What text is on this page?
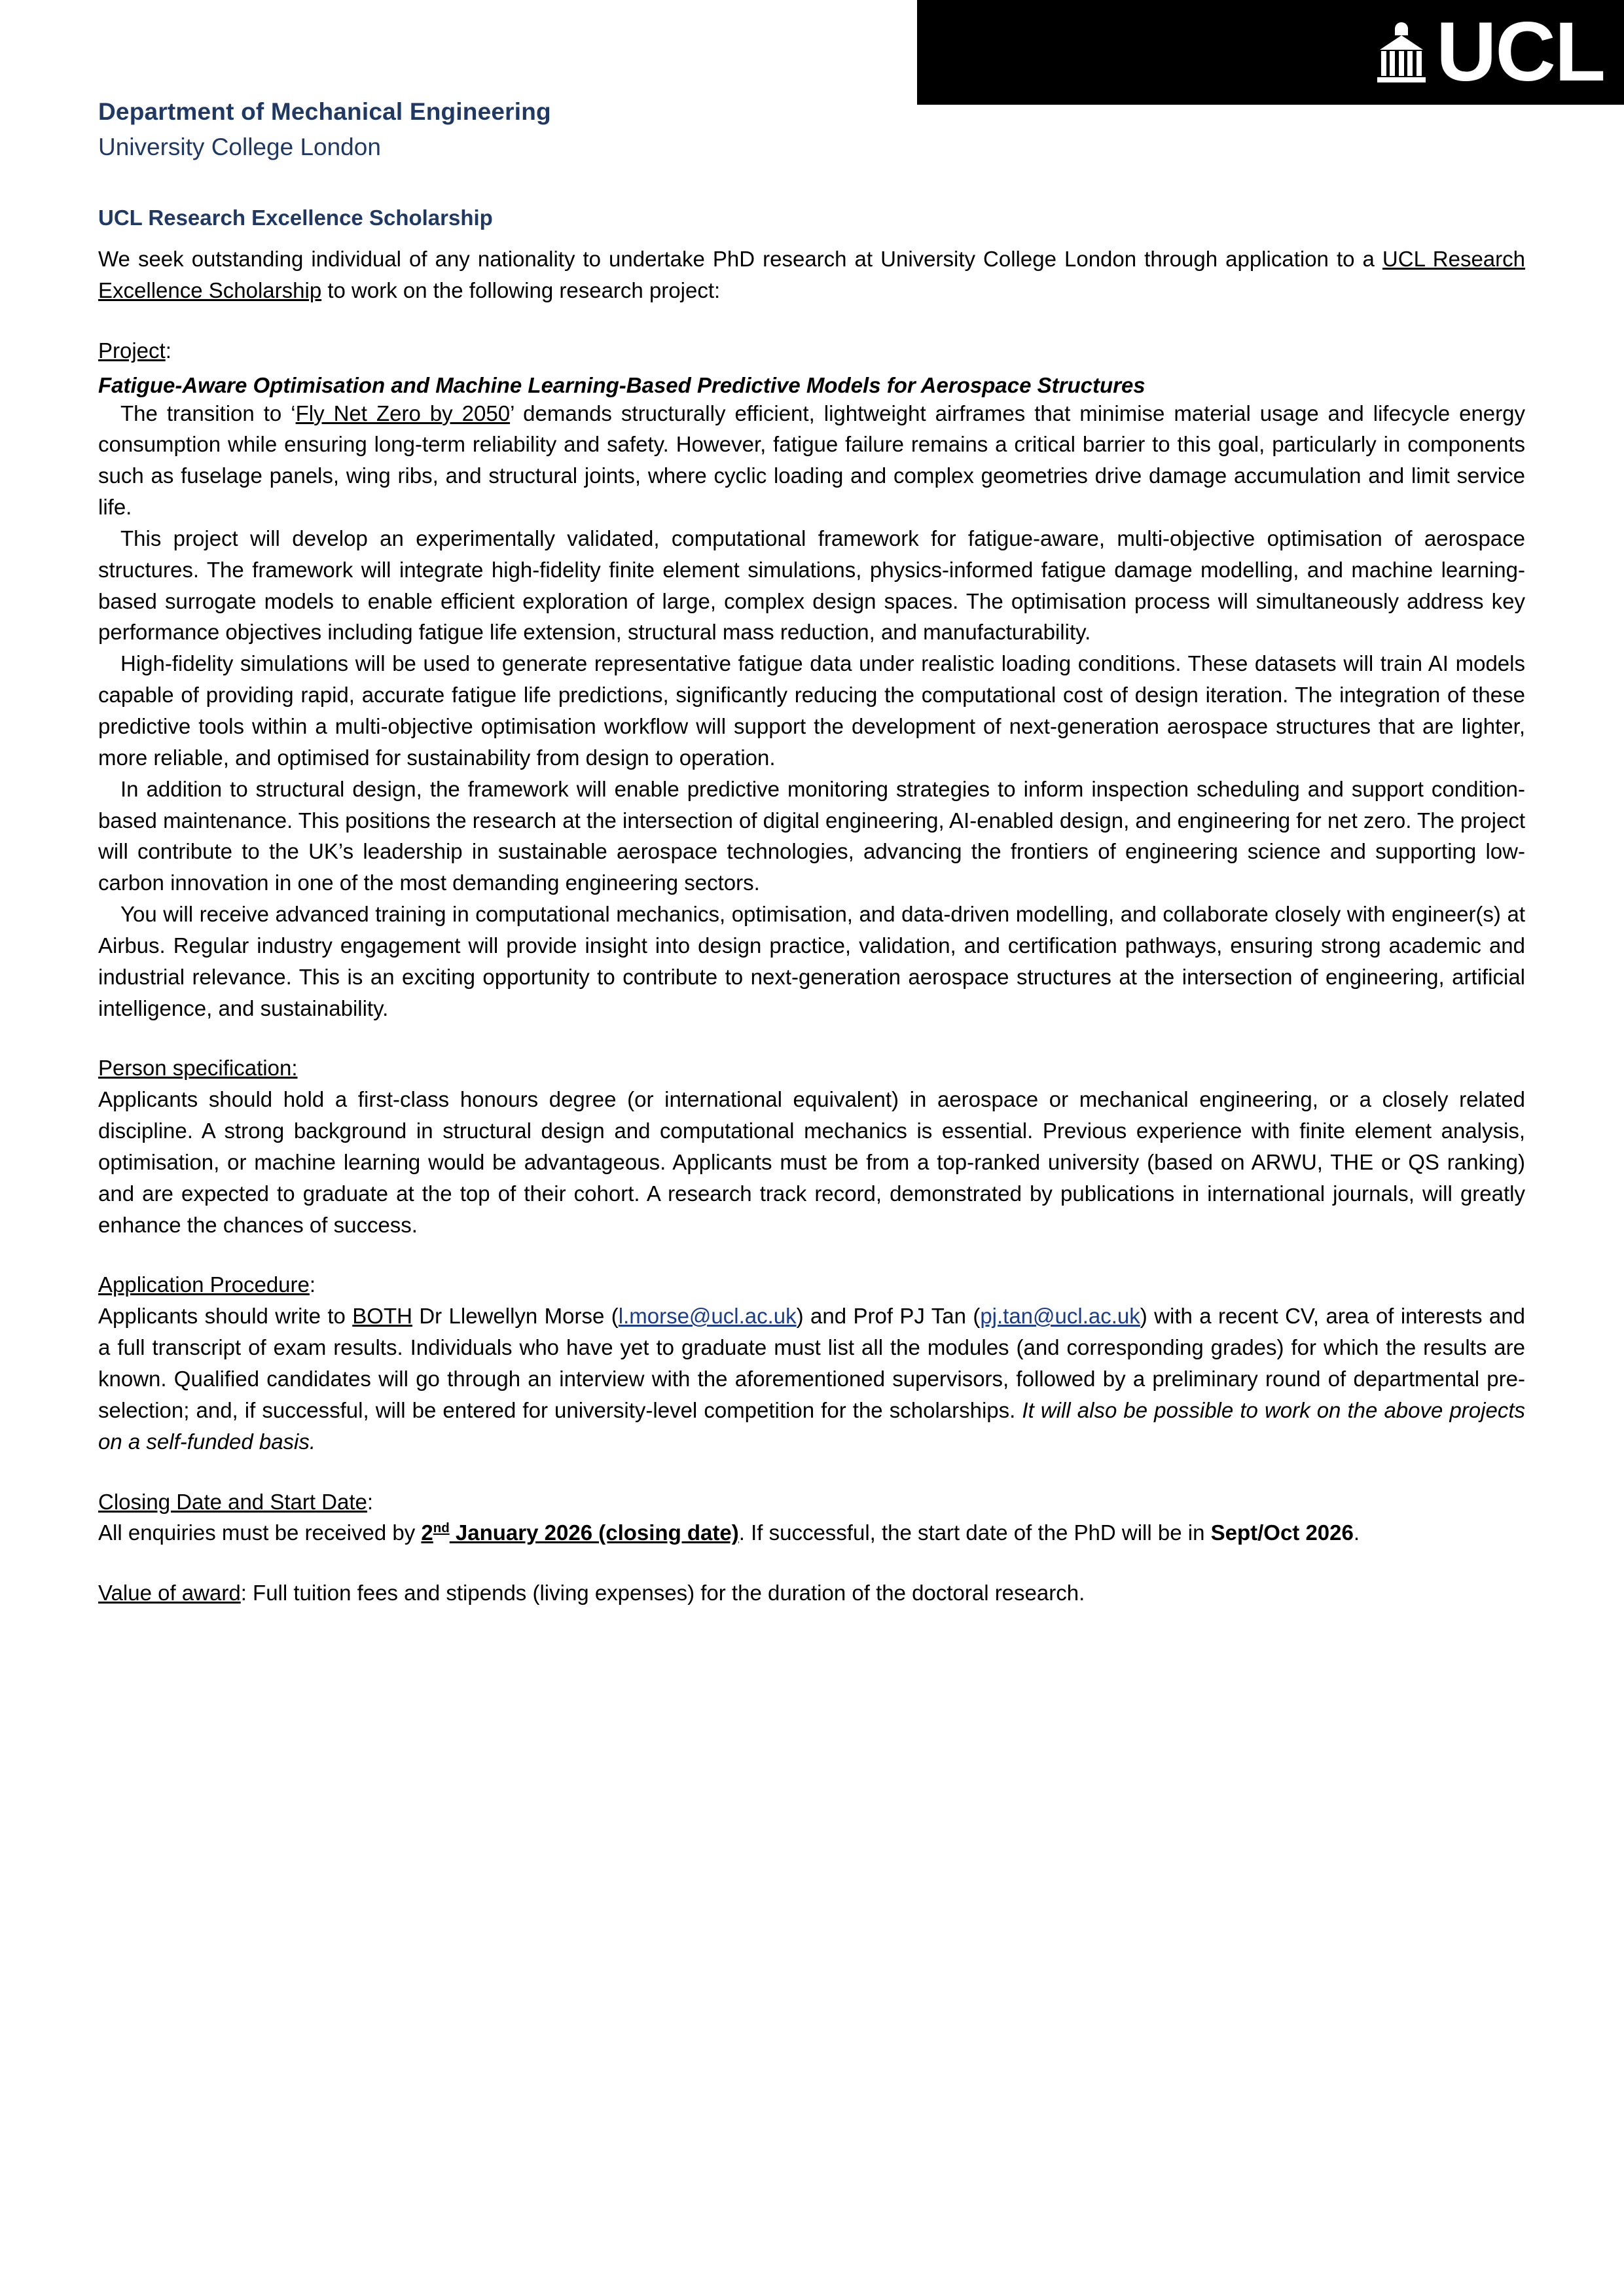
UCL
Department of Mechanical Engineering
University College London
UCL Research Excellence Scholarship

We seek outstanding individual of any nationality to undertake PhD research at University College London through application to a UCL Research Excellence Scholarship to work on the following research project:

Project:

Fatigue-Aware Optimisation and Machine Learning-Based Predictive Models for Aerospace Structures

The transition to ‘Fly Net Zero by 2050’ demands structurally efficient, lightweight airframes that minimise material usage and lifecycle energy consumption while ensuring long-term reliability and safety. However, fatigue failure remains a critical barrier to this goal, particularly in components such as fuselage panels, wing ribs, and structural joints, where cyclic loading and complex geometries drive damage accumulation and limit service life.

This project will develop an experimentally validated, computational framework for fatigue-aware, multi-objective optimisation of aerospace structures. The framework will integrate high-fidelity finite element simulations, physics-informed fatigue damage modelling, and machine learning-based surrogate models to enable efficient exploration of large, complex design spaces. The optimisation process will simultaneously address key performance objectives including fatigue life extension, structural mass reduction, and manufacturability.

High-fidelity simulations will be used to generate representative fatigue data under realistic loading conditions. These datasets will train AI models capable of providing rapid, accurate fatigue life predictions, significantly reducing the computational cost of design iteration. The integration of these predictive tools within a multi-objective optimisation workflow will support the development of next-generation aerospace structures that are lighter, more reliable, and optimised for sustainability from design to operation.

In addition to structural design, the framework will enable predictive monitoring strategies to inform inspection scheduling and support condition-based maintenance. This positions the research at the intersection of digital engineering, AI-enabled design, and engineering for net zero. The project will contribute to the UK’s leadership in sustainable aerospace technologies, advancing the frontiers of engineering science and supporting low-carbon innovation in one of the most demanding engineering sectors.

You will receive advanced training in computational mechanics, optimisation, and data-driven modelling, and collaborate closely with engineer(s) at Airbus. Regular industry engagement will provide insight into design practice, validation, and certification pathways, ensuring strong academic and industrial relevance. This is an exciting opportunity to contribute to next-generation aerospace structures at the intersection of engineering, artificial intelligence, and sustainability.

Person specification:

Applicants should hold a first-class honours degree (or international equivalent) in aerospace or mechanical engineering, or a closely related discipline. A strong background in structural design and computational mechanics is essential. Previous experience with finite element analysis, optimisation, or machine learning would be advantageous. Applicants must be from a top-ranked university (based on ARWU, THE or QS ranking) and are expected to graduate at the top of their cohort. A research track record, demonstrated by publications in international journals, will greatly enhance the chances of success.

Application Procedure:

Applicants should write to BOTH Dr Llewellyn Morse (l.morse@ucl.ac.uk) and Prof PJ Tan (pj.tan@ucl.ac.uk) with a recent CV, area of interests and a full transcript of exam results. Individuals who have yet to graduate must list all the modules (and corresponding grades) for which the results are known. Qualified candidates will go through an interview with the aforementioned supervisors, followed by a preliminary round of departmental pre-selection; and, if successful, will be entered for university-level competition for the scholarships. It will also be possible to work on the above projects on a self-funded basis.

Closing Date and Start Date:

All enquiries must be received by 2nd January 2026 (closing date). If successful, the start date of the PhD will be in Sept/Oct 2026.

Value of award: Full tuition fees and stipends (living expenses) for the duration of the doctoral research.
